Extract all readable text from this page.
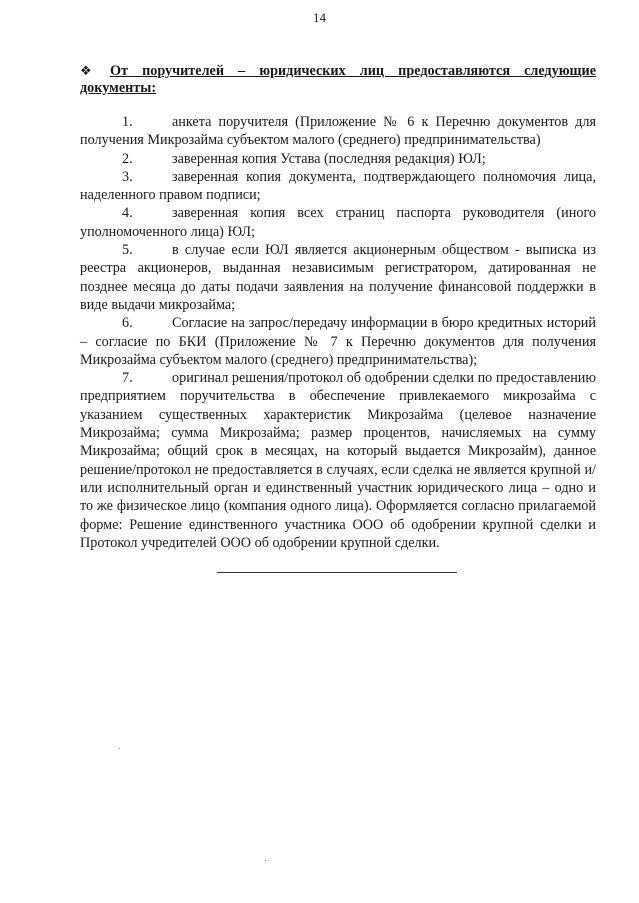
14
❖ От поручителей – юридических лиц предоставляются следующие
документы:

1.	анкета поручителя (Приложение № 6 к Перечню документов для получения Микрозайма субъектом малого (среднего) предпринимательства)

2.	заверенная копия Устава (последняя редакция) ЮЛ;

3.	заверенная копия документа, подтверждающего полномочия лица, наделенного правом подписи;

4.	заверенная копия всех страниц паспорта руководителя (иного уполномоченного лица) ЮЛ;

5.	в случае если ЮЛ является акционерным обществом - выписка из реестра акционеров, выданная независимым регистратором, датированная не позднее месяца до даты подачи заявления на получение финансовой поддержки в виде выдачи микрозайма;

6.	Согласие на запрос/передачу информации в бюро кредитных историй – согласие по БКИ (Приложение № 7 к Перечню документов для получения Микрозайма субъектом малого (среднего) предпринимательства);

7.	оригинал решения/протокол об одобрении сделки по предоставлению предприятием поручительства в обеспечение привлекаемого микрозайма с указанием существенных характеристик Микрозайма (целевое назначение Микрозайма; сумма Микрозайма; размер процентов, начисляемых на сумму Микрозайма; общий срок в месяцах, на который выдается Микрозайм), данное решение/протокол не предоставляется в случаях, если сделка не является крупной и/или исполнительный орган и единственный участник юридического лица – одно и то же физическое лицо (компания одного лица). Оформляется согласно прилагаемой форме: Решение единственного участника ООО об одобрении крупной сделки и Протокол учредителей ООО об одобрении крупной сделки.
